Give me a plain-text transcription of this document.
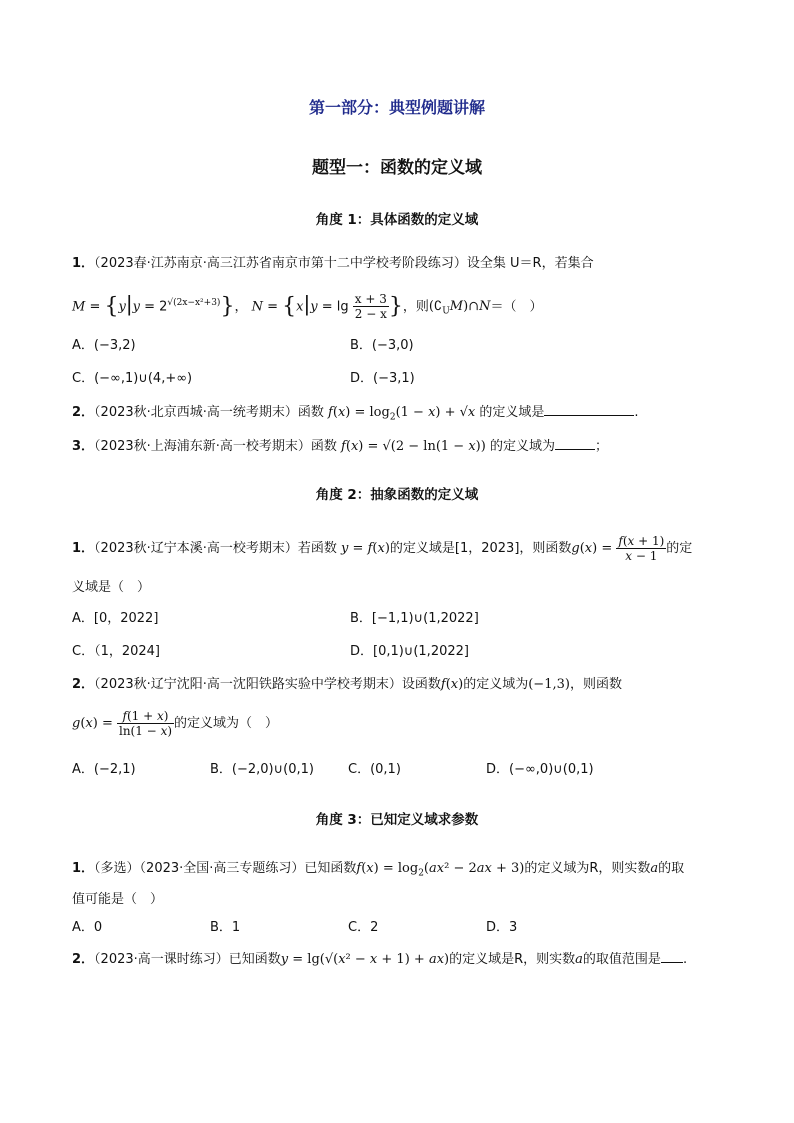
第一部分：典型例题讲解
题型一：函数的定义域
角度 1：具体函数的定义域
1．（2023春·江苏南京·高三江苏省南京市第十二中学校考阶段练习）设全集 U＝R，若集合
$M = \{y|y = 2^{√(2x-x^2+3)}\}$， $N = \{x|y = \lg \frac{x + 3}{2 - x}$ }，则$(∁_UM)\cap N=$（　）
A．(−3,2)	B．(−3,0)
C．(−∞,1)∪(4,+∞)	D．(−3,1)
2．（2023秋·北京西城·高一统考期末）函数 $f(x) = \log_2(1 - x) + √x$ 的定义域是	.
3．（2023秋·上海浦东新·高一校考期末）函数 f(x) = √(2 − ln(1 − x)) 的定义域为	；
角度 2：抽象函数的定义域
1．（2023秋·辽宁本溪·高一校考期末）若函数 y = f(x)的定义域是[1，2023]，则函数$g(x) = \frac{f(x + 1)}{x - 1}$ 的定
义域是（　）
A．[0，2022]	B．[−1,1)∪(1,2022]
C．（1，2024]	D．[0,1)∪(1,2022]
2．（2023秋·辽宁沈阳·高一沈阳铁路实验中学校考期末）设函数f(x)的定义域为(−1,3)，则函数
$g(x) = \frac{f(1 + x)}{\ln(1 - x)}$ 的定义域为（　）
A．(−2,1)	B．(−2,0)∪(0,1)	C．(0,1)	D．(−∞,0)∪(0,1)
角度 3：已知定义域求参数
1．（多选）（2023·全国·高三专题练习）已知函数$f(x) = \log_2(ax^2 - 2ax + 3)$的定义域为R，则实数a的取
值可能是（　）
A．0	B．1	C．2	D．3
2．（2023·高一课时练习）已知函数y = lg(√(x² − x + 1) + ax)的定义域是R，则实数a的取值范围是 .
